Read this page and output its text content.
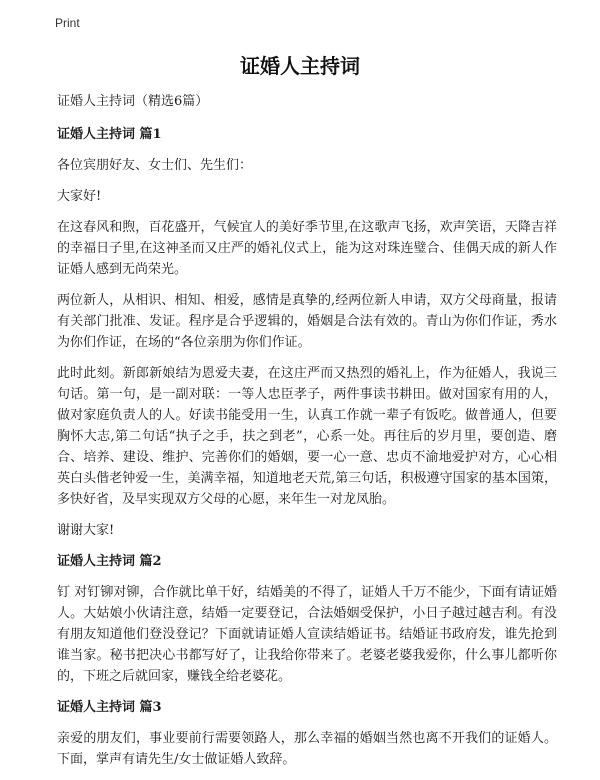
Print
证婚人主持词

证婚人主持词（精选6篇）

证婚人主持词 篇1

各位宾朋好友、女士们、先生们：

大家好!

在这春风和煦，百花盛开，气候宜人的美好季节里,在这歌声飞扬，欢声笑语，天降吉祥的幸福日子里,在这神圣而又庄严的婚礼仪式上，能为这对珠连璧合、佳偶天成的新人作证婚人感到无尚荣光。

两位新人，从相识、相知、相爱，感情是真挚的,经两位新人申请，双方父母商量，报请有关部门批准、发证。程序是合乎逻辑的，婚姻是合法有效的。青山为你们作证，秀水为你们作证，在场的“各位亲朋为你们作证。

此时此刻。新郎新娘结为恩爱夫妻，在这庄严而又热烈的婚礼上，作为征婚人，我说三句话。第一句，是一副对联：一等人忠臣孝子，两件事读书耕田。做对国家有用的人，做对家庭负责人的人。好读书能受用一生，认真工作就一辈子有饭吃。做普通人，但要胸怀大志,第二句话“执子之手，扶之到老”，心系一处。再往后的岁月里，要创造、磨合、培养、建设、维护、完善你们的婚姻，要一心一意、忠贞不渝地爱护对方，心心相英白头偕老钟爱一生，美满幸福，知道地老天荒,第三句话，积极遵守国家的基本国策，多快好省，及早实现双方父母的心愿，来年生一对龙凤胎。

谢谢大家!

证婚人主持词 篇2

钉 对钉铆对铆，合作就比单干好，结婚美的不得了，证婚人千万不能少，下面有请证婚人。大姑娘小伙请注意，结婚一定要登记，合法婚姻受保护，小日子越过越吉利。有没有朋友知道他们登没登记？下面就请证婚人宣读结婚证书。结婚证书政府发，谁先抢到谁当家。秘书把决心书都写好了，让我给你带来了。老婆老婆我爱你，什么事儿都听你的，下班之后就回家，赚钱全给老婆花。

证婚人主持词 篇3

亲爱的朋友们，事业要前行需要领路人，那么幸福的婚姻当然也离不开我们的证婚人。下面，掌声有请先生/女士做证婚人致辞。
